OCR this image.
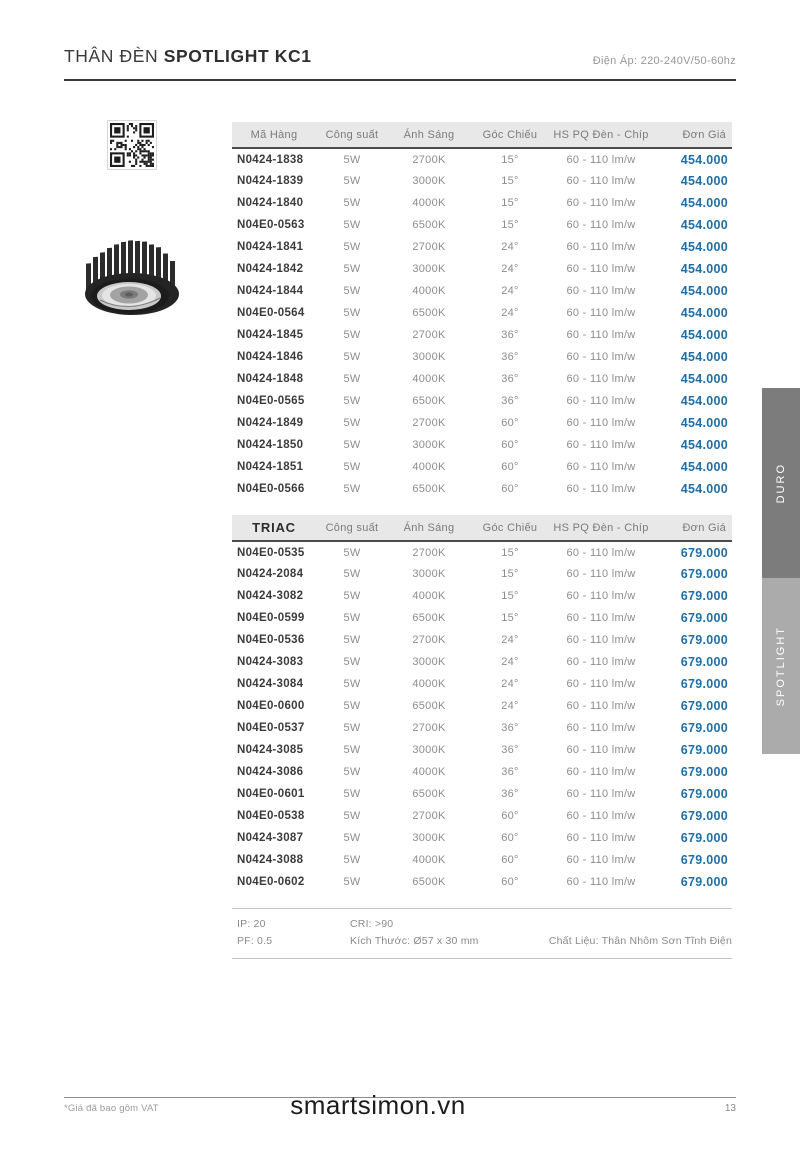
THÂN ĐÈN SPOTLIGHT KC1	Điện Áp: 220-240V/50-60hz
Mã Hàng	Công suất	Ánh Sáng	Góc Chiếu	HS PQ Đèn - Chíp	Đơn Giá
N0424-1838	5W	2700K	15°	60 - 110 lm/w	454.000
N0424-1839	5W	3000K	15°	60 - 110 lm/w	454.000
N0424-1840	5W	4000K	15°	60 - 110 lm/w	454.000
N04E0-0563	5W	6500K	15°	60 - 110 lm/w	454.000
N0424-1841	5W	2700K	24°	60 - 110 lm/w	454.000
N0424-1842	5W	3000K	24°	60 - 110 lm/w	454.000
N0424-1844	5W	4000K	24°	60 - 110 lm/w	454.000
N04E0-0564	5W	6500K	24°	60 - 110 lm/w	454.000
N0424-1845	5W	2700K	36°	60 - 110 lm/w	454.000
N0424-1846	5W	3000K	36°	60 - 110 lm/w	454.000
N0424-1848	5W	4000K	36°	60 - 110 lm/w	454.000
N04E0-0565	5W	6500K	36°	60 - 110 lm/w	454.000
N0424-1849	5W	2700K	60°	60 - 110 lm/w	454.000
N0424-1850	5W	3000K	60°	60 - 110 lm/w	454.000
N0424-1851	5W	4000K	60°	60 - 110 lm/w	454.000
N04E0-0566	5W	6500K	60°	60 - 110 lm/w	454.000
TRIAC	Công suất	Ánh Sáng	Góc Chiếu	HS PQ Đèn - Chíp	Đơn Giá
N04E0-0535	5W	2700K	15°	60 - 110 lm/w	679.000
N0424-2084	5W	3000K	15°	60 - 110 lm/w	679.000
N0424-3082	5W	4000K	15°	60 - 110 lm/w	679.000
N04E0-0599	5W	6500K	15°	60 - 110 lm/w	679.000
N04E0-0536	5W	2700K	24°	60 - 110 lm/w	679.000
N0424-3083	5W	3000K	24°	60 - 110 lm/w	679.000
N0424-3084	5W	4000K	24°	60 - 110 lm/w	679.000
N04E0-0600	5W	6500K	24°	60 - 110 lm/w	679.000
N04E0-0537	5W	2700K	36°	60 - 110 lm/w	679.000
N0424-3085	5W	3000K	36°	60 - 110 lm/w	679.000
N0424-3086	5W	4000K	36°	60 - 110 lm/w	679.000
N04E0-0601	5W	6500K	36°	60 - 110 lm/w	679.000
N04E0-0538	5W	2700K	60°	60 - 110 lm/w	679.000
N0424-3087	5W	3000K	60°	60 - 110 lm/w	679.000
N0424-3088	5W	4000K	60°	60 - 110 lm/w	679.000
N04E0-0602	5W	6500K	60°	60 - 110 lm/w	679.000
IP: 20	CRI: >90
PF: 0.5	Kích Thước: Ø57 x 30 mm	Chất Liệu: Thân Nhôm Sơn Tĩnh Điện
DURO
SPOTLIGHT
*Giá đã bao gồm VAT	smartsimon.vn	13
